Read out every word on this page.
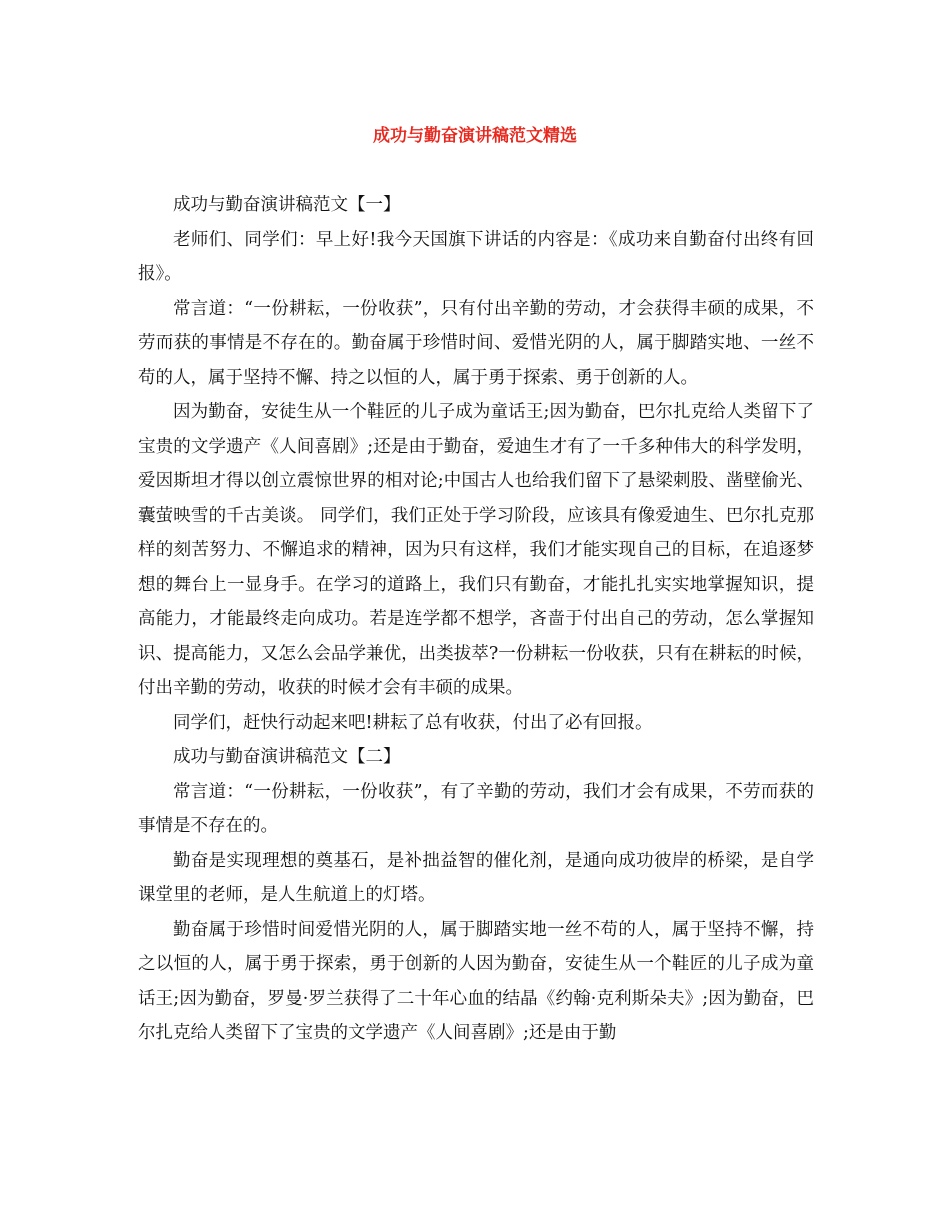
成功与勤奋演讲稿范文精选

成功与勤奋演讲稿范文【一】

老师们、同学们：早上好!我今天国旗下讲话的内容是：《成功来自勤奋付出终有回报》。

常言道：“一份耕耘，一份收获”，只有付出辛勤的劳动，才会获得丰硕的成果，不劳而获的事情是不存在的。勤奋属于珍惜时间、爱惜光阴的人，属于脚踏实地、一丝不苟的人，属于坚持不懈、持之以恒的人，属于勇于探索、勇于创新的人。

因为勤奋，安徒生从一个鞋匠的儿子成为童话王;因为勤奋，巴尔扎克给人类留下了宝贵的文学遗产《人间喜剧》;还是由于勤奋，爱迪生才有了一千多种伟大的科学发明，爱因斯坦才得以创立震惊世界的相对论;中国古人也给我们留下了悬梁刺股、凿壁偷光、囊萤映雪的千古美谈。 同学们，我们正处于学习阶段，应该具有像爱迪生、巴尔扎克那样的刻苦努力、不懈追求的精神，因为只有这样，我们才能实现自己的目标，在追逐梦想的舞台上一显身手。在学习的道路上，我们只有勤奋，才能扎扎实实地掌握知识，提高能力，才能最终走向成功。若是连学都不想学，吝啬于付出自己的劳动，怎么掌握知识、提高能力，又怎么会品学兼优，出类拔萃?一份耕耘一份收获，只有在耕耘的时候，付出辛勤的劳动，收获的时候才会有丰硕的成果。

同学们，赶快行动起来吧!耕耘了总有收获，付出了必有回报。

成功与勤奋演讲稿范文【二】

常言道：“一份耕耘，一份收获”，有了辛勤的劳动，我们才会有成果，不劳而获的事情是不存在的。

勤奋是实现理想的奠基石，是补拙益智的催化剂，是通向成功彼岸的桥梁，是自学课堂里的老师，是人生航道上的灯塔。

勤奋属于珍惜时间爱惜光阴的人，属于脚踏实地一丝不苟的人，属于坚持不懈，持之以恒的人，属于勇于探索，勇于创新的人因为勤奋，安徒生从一个鞋匠的儿子成为童话王;因为勤奋，罗曼·罗兰获得了二十年心血的结晶《约翰·克利斯朵夫》;因为勤奋，巴尔扎克给人类留下了宝贵的文学遗产《人间喜剧》;还是由于勤
